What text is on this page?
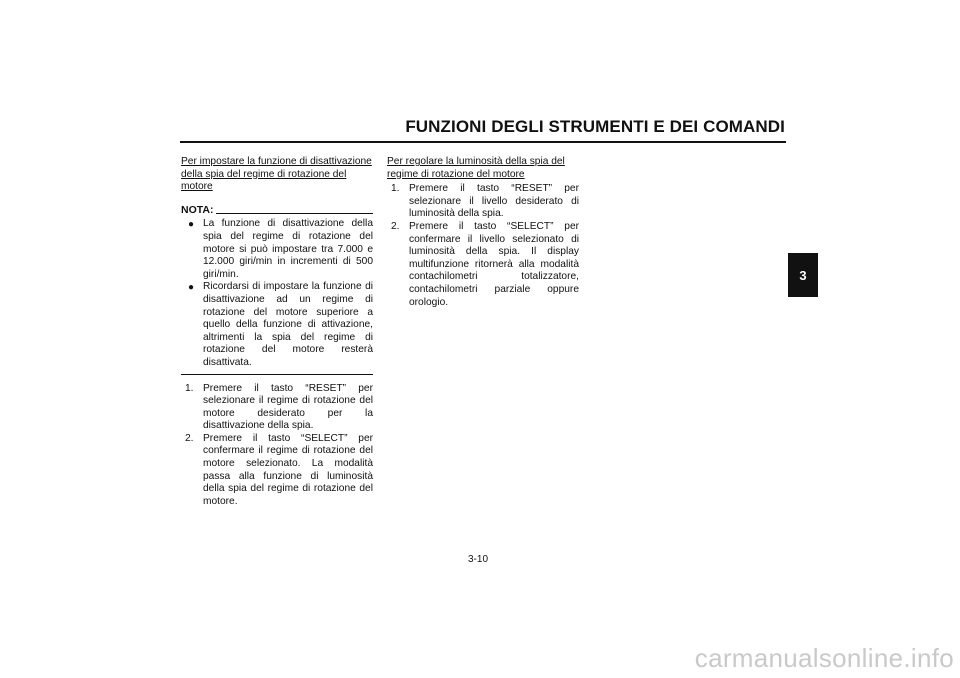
FUNZIONI DEGLI STRUMENTI E DEI COMANDI
3

Per impostare la funzione di disattivazione della spia del regime di rotazione del motore

NOTA:
● La funzione di disattivazione della spia del regime di rotazione del motore si può impostare tra 7.000 e 12.000 giri/min in incrementi di 500 giri/min.
● Ricordarsi di impostare la funzione di disattivazione ad un regime di rotazione del motore superiore a quello della funzione di attivazione, altrimenti la spia del regime di rotazione del motore resterà disattivata.
1. Premere il tasto “RESET” per selezionare il regime di rotazione del motore desiderato per la disattivazione della spia.
2. Premere il tasto “SELECT” per confermare il regime di rotazione del motore selezionato. La modalità passa alla funzione di luminosità della spia del regime di rotazione del motore.

Per regolare la luminosità della spia del regime di rotazione del motore

1. Premere il tasto “RESET” per selezionare il livello desiderato di luminosità della spia.
2. Premere il tasto “SELECT” per confermare il livello selezionato di luminosità della spia. Il display multifunzione ritornerà alla modalità contachilometri totalizzatore, contachilometri parziale oppure orologio.
3-10
carmanualsonline.info
